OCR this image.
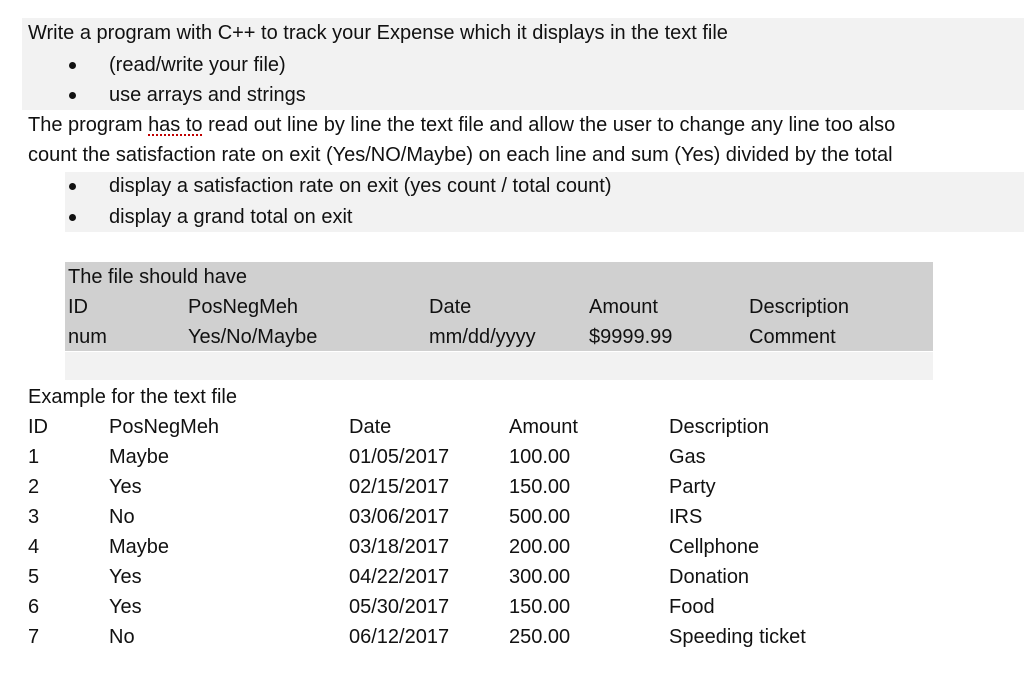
Write a program with C++ to track your Expense which it displays in the text file
(read/write your file)
use arrays and strings
The program has to read out line by line the text file and allow the user to change any line too also
count the satisfaction rate on exit (Yes/NO/Maybe) on each line and sum (Yes) divided by the total
display a satisfaction rate on exit (yes count / total count)
display a grand total on exit
The file should have
ID	PosNegMeh	Date	Amount	Description
num	Yes/No/Maybe	mm/dd/yyyy	$9999.99	Comment
Example for the text file
ID	PosNegMeh	Date	Amount	Description
1	Maybe	01/05/2017	100.00	Gas
2	Yes	02/15/2017	150.00	Party
3	No	03/06/2017	500.00	IRS
4	Maybe	03/18/2017	200.00	Cellphone
5	Yes	04/22/2017	300.00	Donation
6	Yes	05/30/2017	150.00	Food
7	No	06/12/2017	250.00	Speeding ticket
